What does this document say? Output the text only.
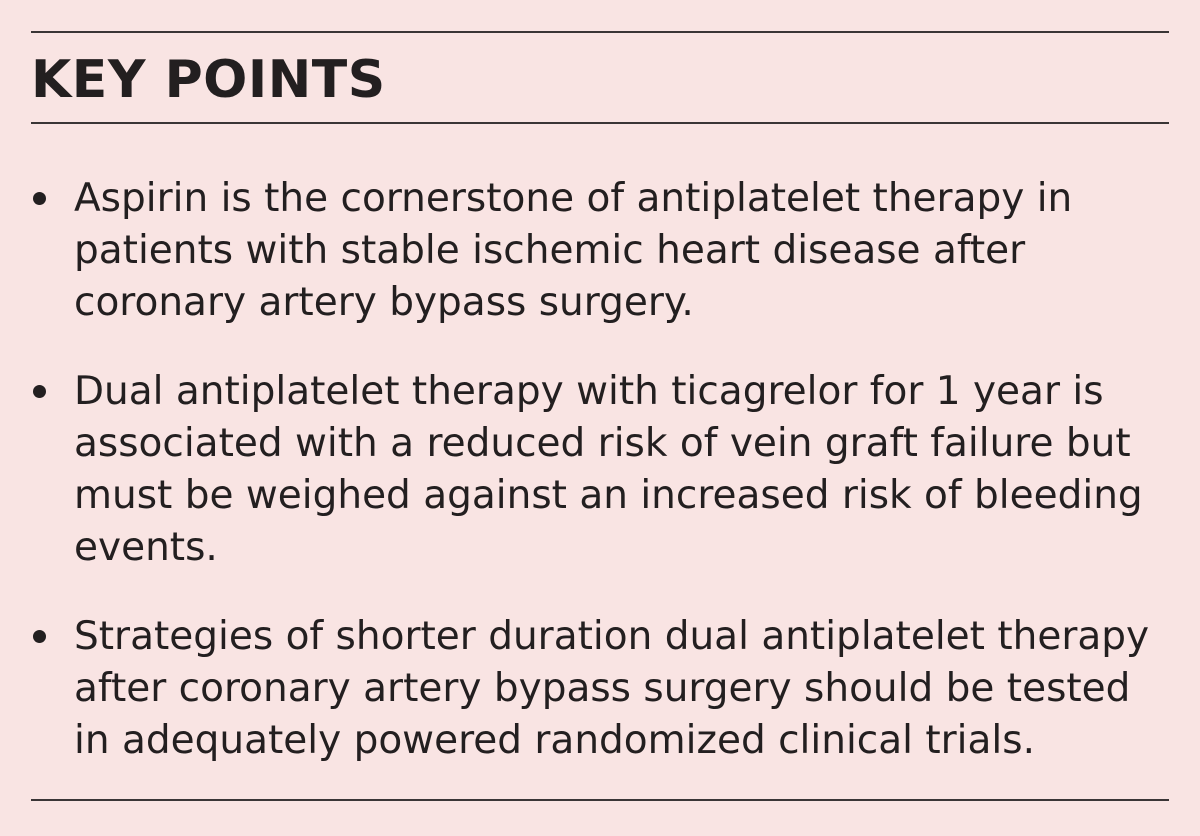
KEY POINTS
Aspirin is the cornerstone of antiplatelet therapy in patients with stable ischemic heart disease after coronary artery bypass surgery.
Dual antiplatelet therapy with ticagrelor for 1 year is associated with a reduced risk of vein graft failure but must be weighed against an increased risk of bleeding events.
Strategies of shorter duration dual antiplatelet therapy after coronary artery bypass surgery should be tested in adequately powered randomized clinical trials.
